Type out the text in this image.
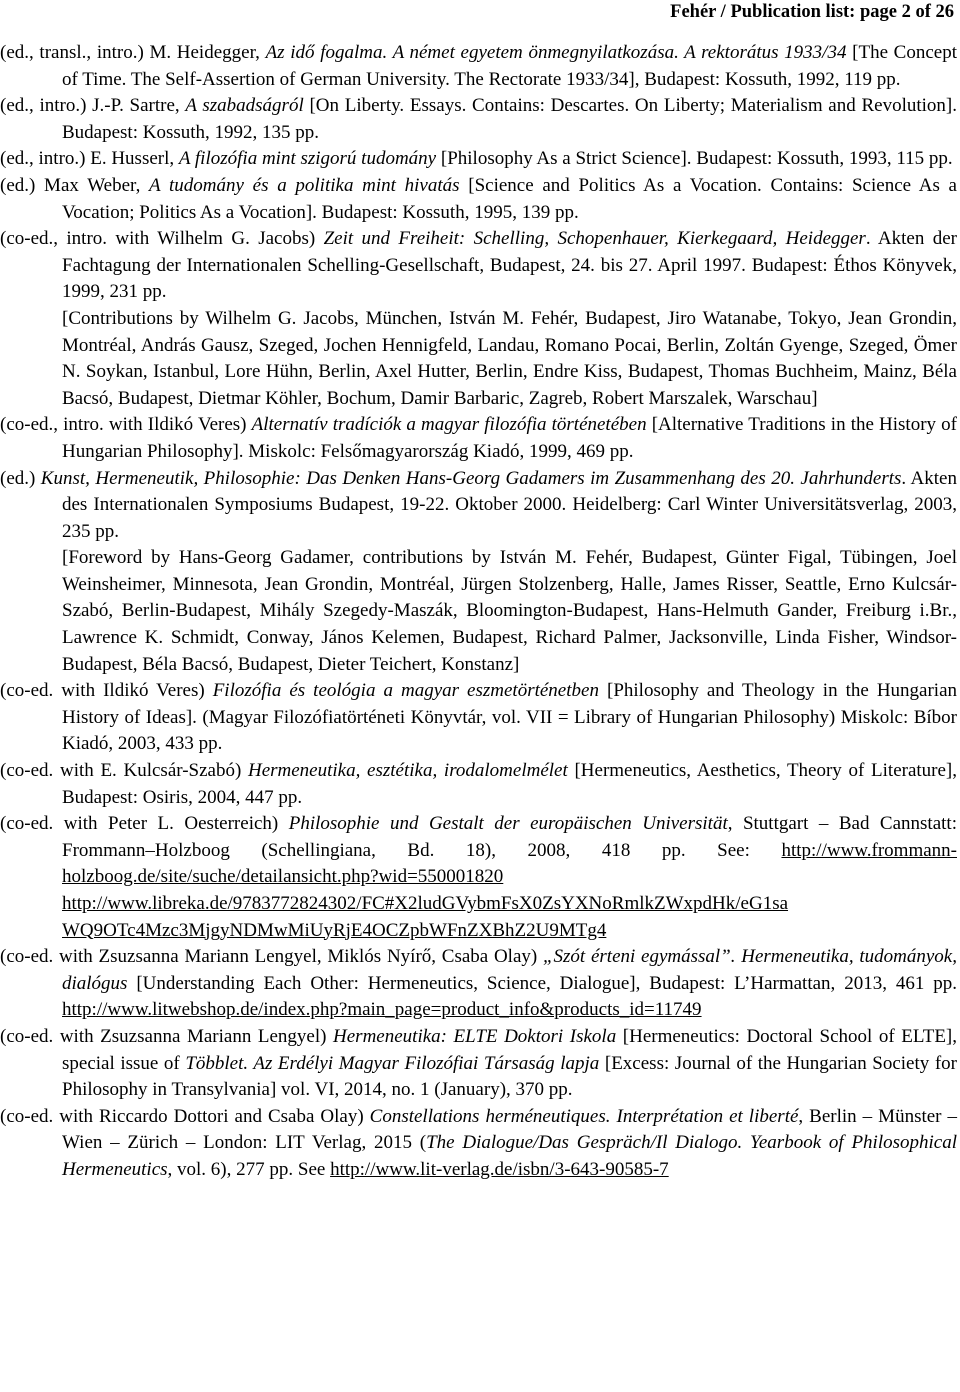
Fehér / Publication list: page 2 of 26

(ed., transl., intro.) M. Heidegger, Az idő fogalma. A német egyetem önmegnyilatkozása. A rektorátus 1933/34 [The Concept of Time. The Self-Assertion of German University. The Rectorate 1933/34], Budapest: Kossuth, 1992, 119 pp.

(ed., intro.) J.-P. Sartre, A szabadságról [On Liberty. Essays. Contains: Descartes. On Liberty; Materialism and Revolution]. Budapest: Kossuth, 1992, 135 pp.

(ed., intro.) E. Husserl, A filozófia mint szigorú tudomány [Philosophy As a Strict Science]. Budapest: Kossuth, 1993, 115 pp.

(ed.) Max Weber, A tudomány és a politika mint hivatás [Science and Politics As a Vocation. Contains: Science As a Vocation; Politics As a Vocation]. Budapest: Kossuth, 1995, 139 pp.

(co-ed., intro. with Wilhelm G. Jacobs) Zeit und Freiheit: Schelling, Schopenhauer, Kierkegaard, Heidegger. Akten der Fachtagung der Internationalen Schelling-Gesellschaft, Budapest, 24. bis 27. April 1997. Budapest: Éthos Könyvek, 1999, 231 pp.

[Contributions by Wilhelm G. Jacobs, München, István M. Fehér, Budapest, Jiro Watanabe, Tokyo, Jean Grondin, Montréal, András Gausz, Szeged, Jochen Hennigfeld, Landau, Romano Pocai, Berlin, Zoltán Gyenge, Szeged, Ömer N. Soykan, Istanbul, Lore Hühn, Berlin, Axel Hutter, Berlin, Endre Kiss, Budapest, Thomas Buchheim, Mainz, Béla Bacsó, Budapest, Dietmar Köhler, Bochum, Damir Barbaric, Zagreb, Robert Marszalek, Warschau]

(co-ed., intro. with Ildikó Veres) Alternatív tradíciók a magyar filozófia történetében [Alternative Traditions in the History of Hungarian Philosophy]. Miskolc: Felsőmagyarország Kiadó, 1999, 469 pp.

(ed.) Kunst, Hermeneutik, Philosophie: Das Denken Hans-Georg Gadamers im Zusammenhang des 20. Jahrhunderts. Akten des Internationalen Symposiums Budapest, 19-22. Oktober 2000. Heidelberg: Carl Winter Universitätsverlag, 2003, 235 pp.

[Foreword by Hans-Georg Gadamer, contributions by István M. Fehér, Budapest, Günter Figal, Tübingen, Joel Weinsheimer, Minnesota, Jean Grondin, Montréal, Jürgen Stolzenberg, Halle, James Risser, Seattle, Erno Kulcsár-Szabó, Berlin-Budapest, Mihály Szegedy-Maszák, Bloomington-Budapest, Hans-Helmuth Gander, Freiburg i.Br., Lawrence K. Schmidt, Conway, János Kelemen, Budapest, Richard Palmer, Jacksonville, Linda Fisher, Windsor-Budapest, Béla Bacsó, Budapest, Dieter Teichert, Konstanz]

(co-ed. with Ildikó Veres) Filozófia és teológia a magyar eszmetörténetben [Philosophy and Theology in the Hungarian History of Ideas]. (Magyar Filozófiatörténeti Könyvtár, vol. VII = Library of Hungarian Philosophy) Miskolc: Bíbor Kiadó, 2003, 433 pp.

(co-ed. with E. Kulcsár-Szabó) Hermeneutika, esztétika, irodalomelmélet [Hermeneutics, Aesthetics, Theory of Literature], Budapest: Osiris, 2004, 447 pp.

(co-ed. with Peter L. Oesterreich) Philosophie und Gestalt der europäischen Universität, Stuttgart – Bad Cannstatt: Frommann–Holzboog (Schellingiana, Bd. 18), 2008, 418 pp. See: http://www.frommann-holzboog.de/site/suche/detailansicht.php?wid=550001820 http://www.libreka.de/9783772824302/FC#X2ludGVybmFsX0ZsYXNoRmlkZWxpdHk/eG1sa WQ9OTc4Mzc3MjgyNDMwMiUyRjE4OCZpbWFnZXBhZ2U9MTg4

(co-ed. with Zsuzsanna Mariann Lengyel, Miklós Nyírő, Csaba Olay) „Szót érteni egymással”. Hermeneutika, tudományok, dialógus [Understanding Each Other: Hermeneutics, Science, Dialogue], Budapest: L’Harmattan, 2013, 461 pp. http://www.litwebshop.de/index.php?main_page=product_info&products_id=11749

(co-ed. with Zsuzsanna Mariann Lengyel) Hermeneutika: ELTE Doktori Iskola [Hermeneutics: Doctoral School of ELTE], special issue of Többlet. Az Erdélyi Magyar Filozófiai Társaság lapja [Excess: Journal of the Hungarian Society for Philosophy in Transylvania] vol. VI, 2014, no. 1 (January), 370 pp.

(co-ed. with Riccardo Dottori and Csaba Olay) Constellations herméneutiques. Interprétation et liberté, Berlin – Münster – Wien – Zürich – London: LIT Verlag, 2015 (The Dialogue/Das Gespräch/Il Dialogo. Yearbook of Philosophical Hermeneutics, vol. 6), 277 pp. See http://www.lit-verlag.de/isbn/3-643-90585-7
